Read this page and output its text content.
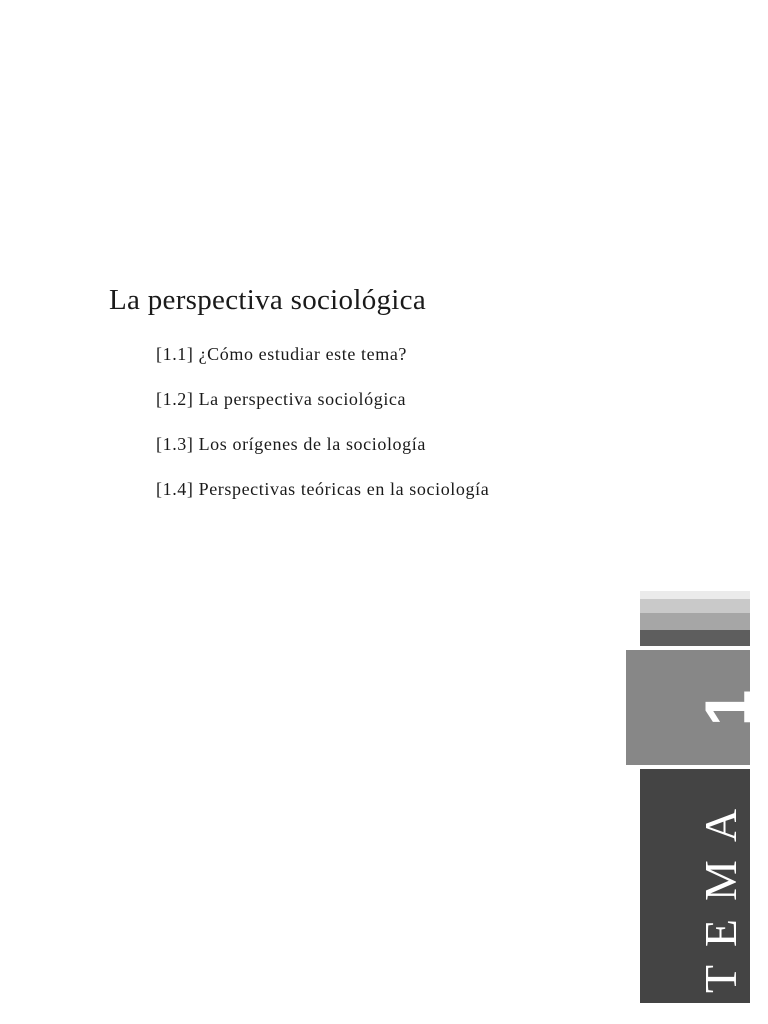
La perspectiva sociológica
[1.1] ¿Cómo estudiar este tema?
[1.2] La perspectiva sociológica
[1.3] Los orígenes de la sociología
[1.4] Perspectivas teóricas en la sociología
1
TEMA
